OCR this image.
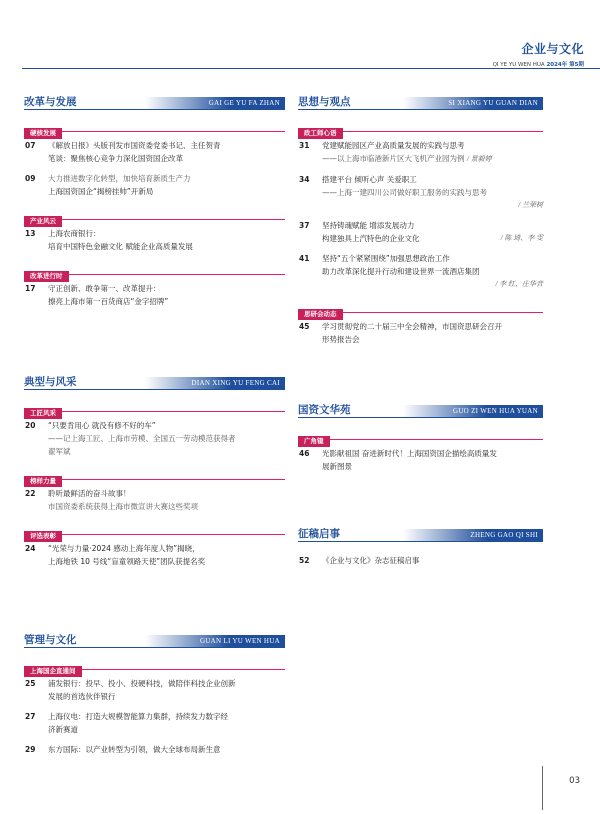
企业与文化
QI YE YU WEN HUA 2024年 第5期
改革与发展	GAI GE YU FA ZHAN
硬核发展
07	《解放日报》头版刊发市国资委党委书记、主任贺青
笔谈：聚焦核心竞争力深化国资国企改革
09	大力推进数字化转型，加快培育新质生产力
上海国资国企“揭榜挂帅”开新局
产业风云
13	上海农商银行：
培育中国特色金融文化 赋能企业高质量发展
改革进行时
17	守正创新、敢争第一、改革提升：
擦亮上海市第一百货商店“金字招牌”
思想与观点	SI XIANG YU GUAN DIAN
政工师心语
31	党建赋能园区产业高质量发展的实践与思考
——以上海市临港新片区大飞机产业园为例 / 景毅婷
34	搭建平台 倾听心声 关爱职工
——上海一建四川公司做好职工服务的实践与思考
/ 兰荣树
37	坚持铸魂赋能 增添发展动力
构建独具上汽特色的企业文化	/ 陈 琦、李 雯
41	坚持“五个紧紧围绕”加强思想政治工作
助力改革深化提升行动和建设世界一流酒店集团
/ 李 红、庄华音
思研会动态
45	学习贯彻党的二十届三中全会精神，市国资思研会召开
形势报告会
典型与风采	DIAN XING YU FENG CAI
工匠风采
20	“只要肯用心 就没有修不好的车”
——记上海工匠、上海市劳模、全国五一劳动模范获得者
翟军斌
榜样力量
22	聆听最鲜活的奋斗故事！
市国资委系统获得上海市微宣讲大赛这些奖项
评选表彰
24	“光荣与力量·2024 感动上海年度人物”揭晓，
上海地铁 10 号线“盲童领路天使”团队获提名奖
国资文华苑	GUO ZI WEN HUA YUAN
广角镜
46	光影献祖国 奋进新时代！上海国资国企描绘高质量发
展新图景
征稿启事	ZHENG GAO QI SHI
52	《企业与文化》杂志征稿启事
管理与文化	GUAN LI YU WEN HUA
上海国企直通间
25	浦发银行：投早、投小、投硬科技，做陪伴科技企业创新
发展的首选伙伴银行
27	上海仪电：打造大规模智能算力集群，持续发力数字经
济新赛道
29	东方国际：以产业转型为引领，做大全球布局新生意
03
